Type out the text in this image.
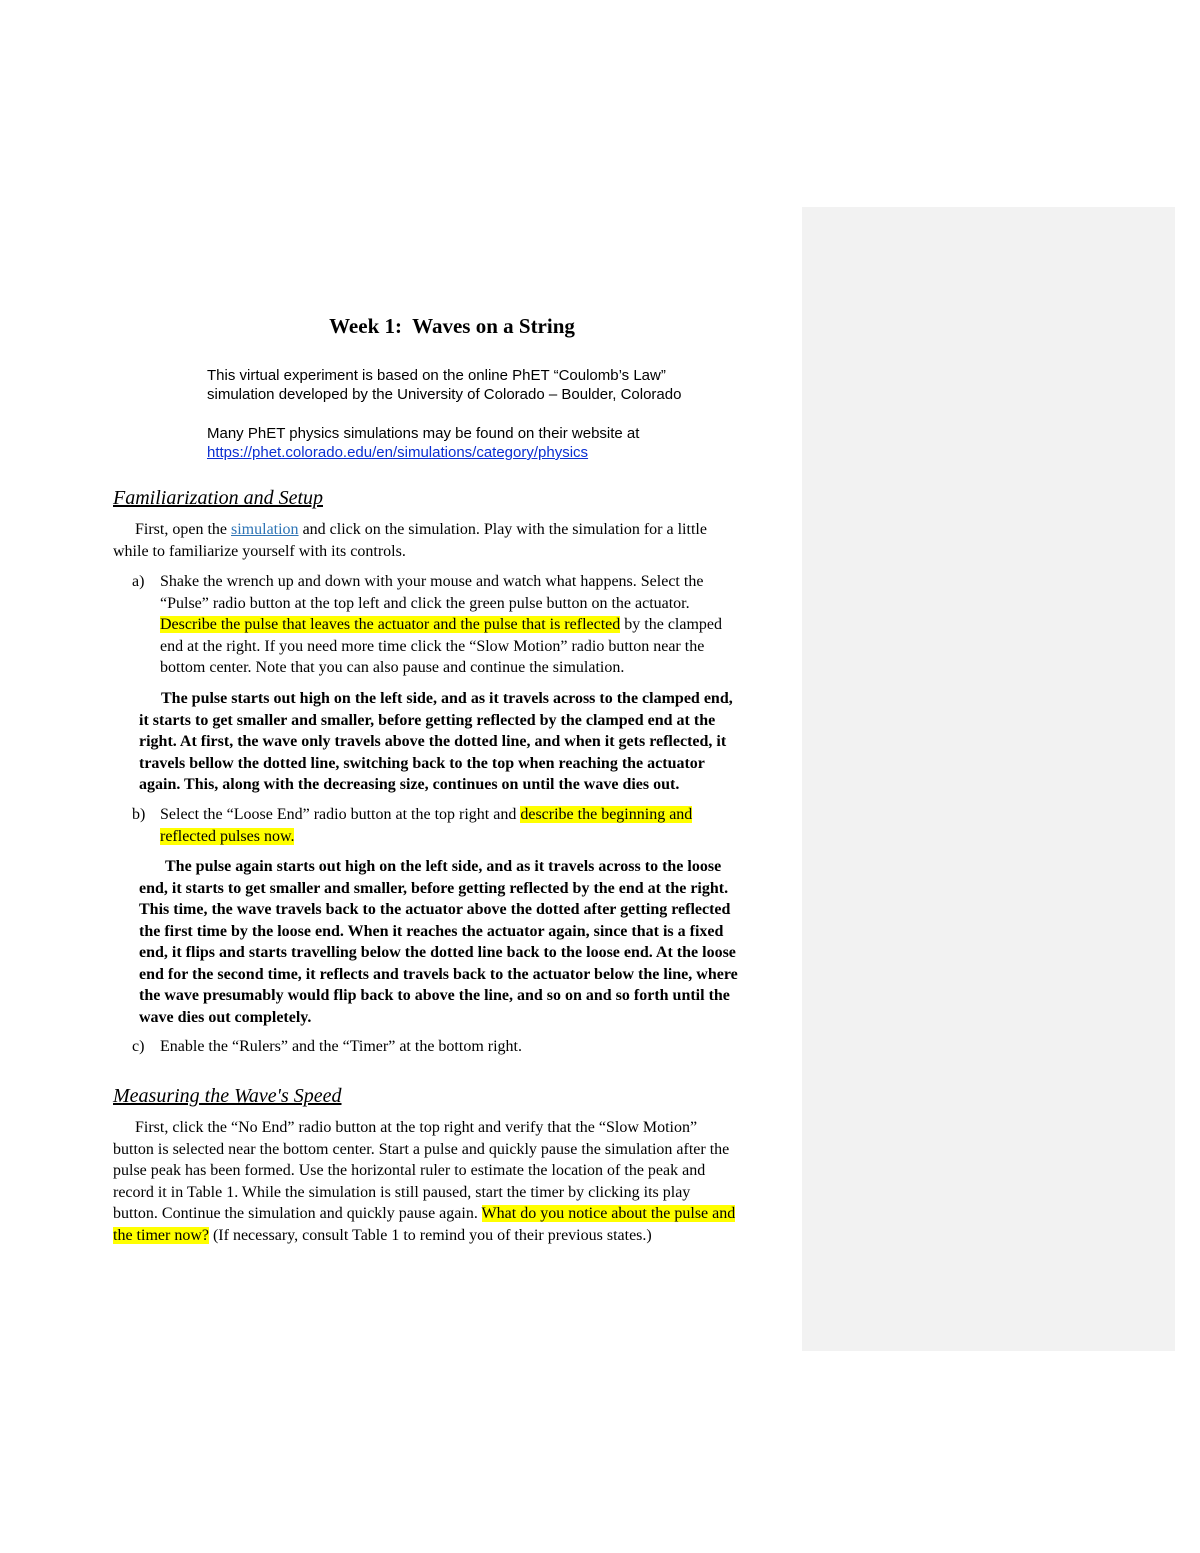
Week 1:  Waves on a String
This virtual experiment is based on the online PhET “Coulomb’s Law”
simulation developed by the University of Colorado – Boulder, Colorado
Many PhET physics simulations may be found on their website at
https://phet.colorado.edu/en/simulations/category/physics
Familiarization and Setup
First, open the simulation and click on the simulation. Play with the simulation for a little
while to familiarize yourself with its controls.
a) Shake the wrench up and down with your mouse and watch what happens. Select the
“Pulse” radio button at the top left and click the green pulse button on the actuator.
Describe the pulse that leaves the actuator and the pulse that is reflected by the clamped
end at the right. If you need more time click the “Slow Motion” radio button near the
bottom center. Note that you can also pause and continue the simulation.
The pulse starts out high on the left side, and as it travels across to the clamped end,
it starts to get smaller and smaller, before getting reflected by the clamped end at the
right. At first, the wave only travels above the dotted line, and when it gets reflected, it
travels bellow the dotted line, switching back to the top when reaching the actuator
again. This, along with the decreasing size, continues on until the wave dies out.
b) Select the “Loose End” radio button at the top right and describe the beginning and
reflected pulses now.
The pulse again starts out high on the left side, and as it travels across to the loose
end, it starts to get smaller and smaller, before getting reflected by the end at the right.
This time, the wave travels back to the actuator above the dotted after getting reflected
the first time by the loose end. When it reaches the actuator again, since that is a fixed
end, it flips and starts travelling below the dotted line back to the loose end. At the loose
end for the second time, it reflects and travels back to the actuator below the line, where
the wave presumably would flip back to above the line, and so on and so forth until the
wave dies out completely.
c) Enable the “Rulers” and the “Timer” at the bottom right.
Measuring the Wave's Speed
First, click the “No End” radio button at the top right and verify that the “Slow Motion”
button is selected near the bottom center. Start a pulse and quickly pause the simulation after the
pulse peak has been formed. Use the horizontal ruler to estimate the location of the peak and
record it in Table 1. While the simulation is still paused, start the timer by clicking its play
button. Continue the simulation and quickly pause again. What do you notice about the pulse and
the timer now? (If necessary, consult Table 1 to remind you of their previous states.)
